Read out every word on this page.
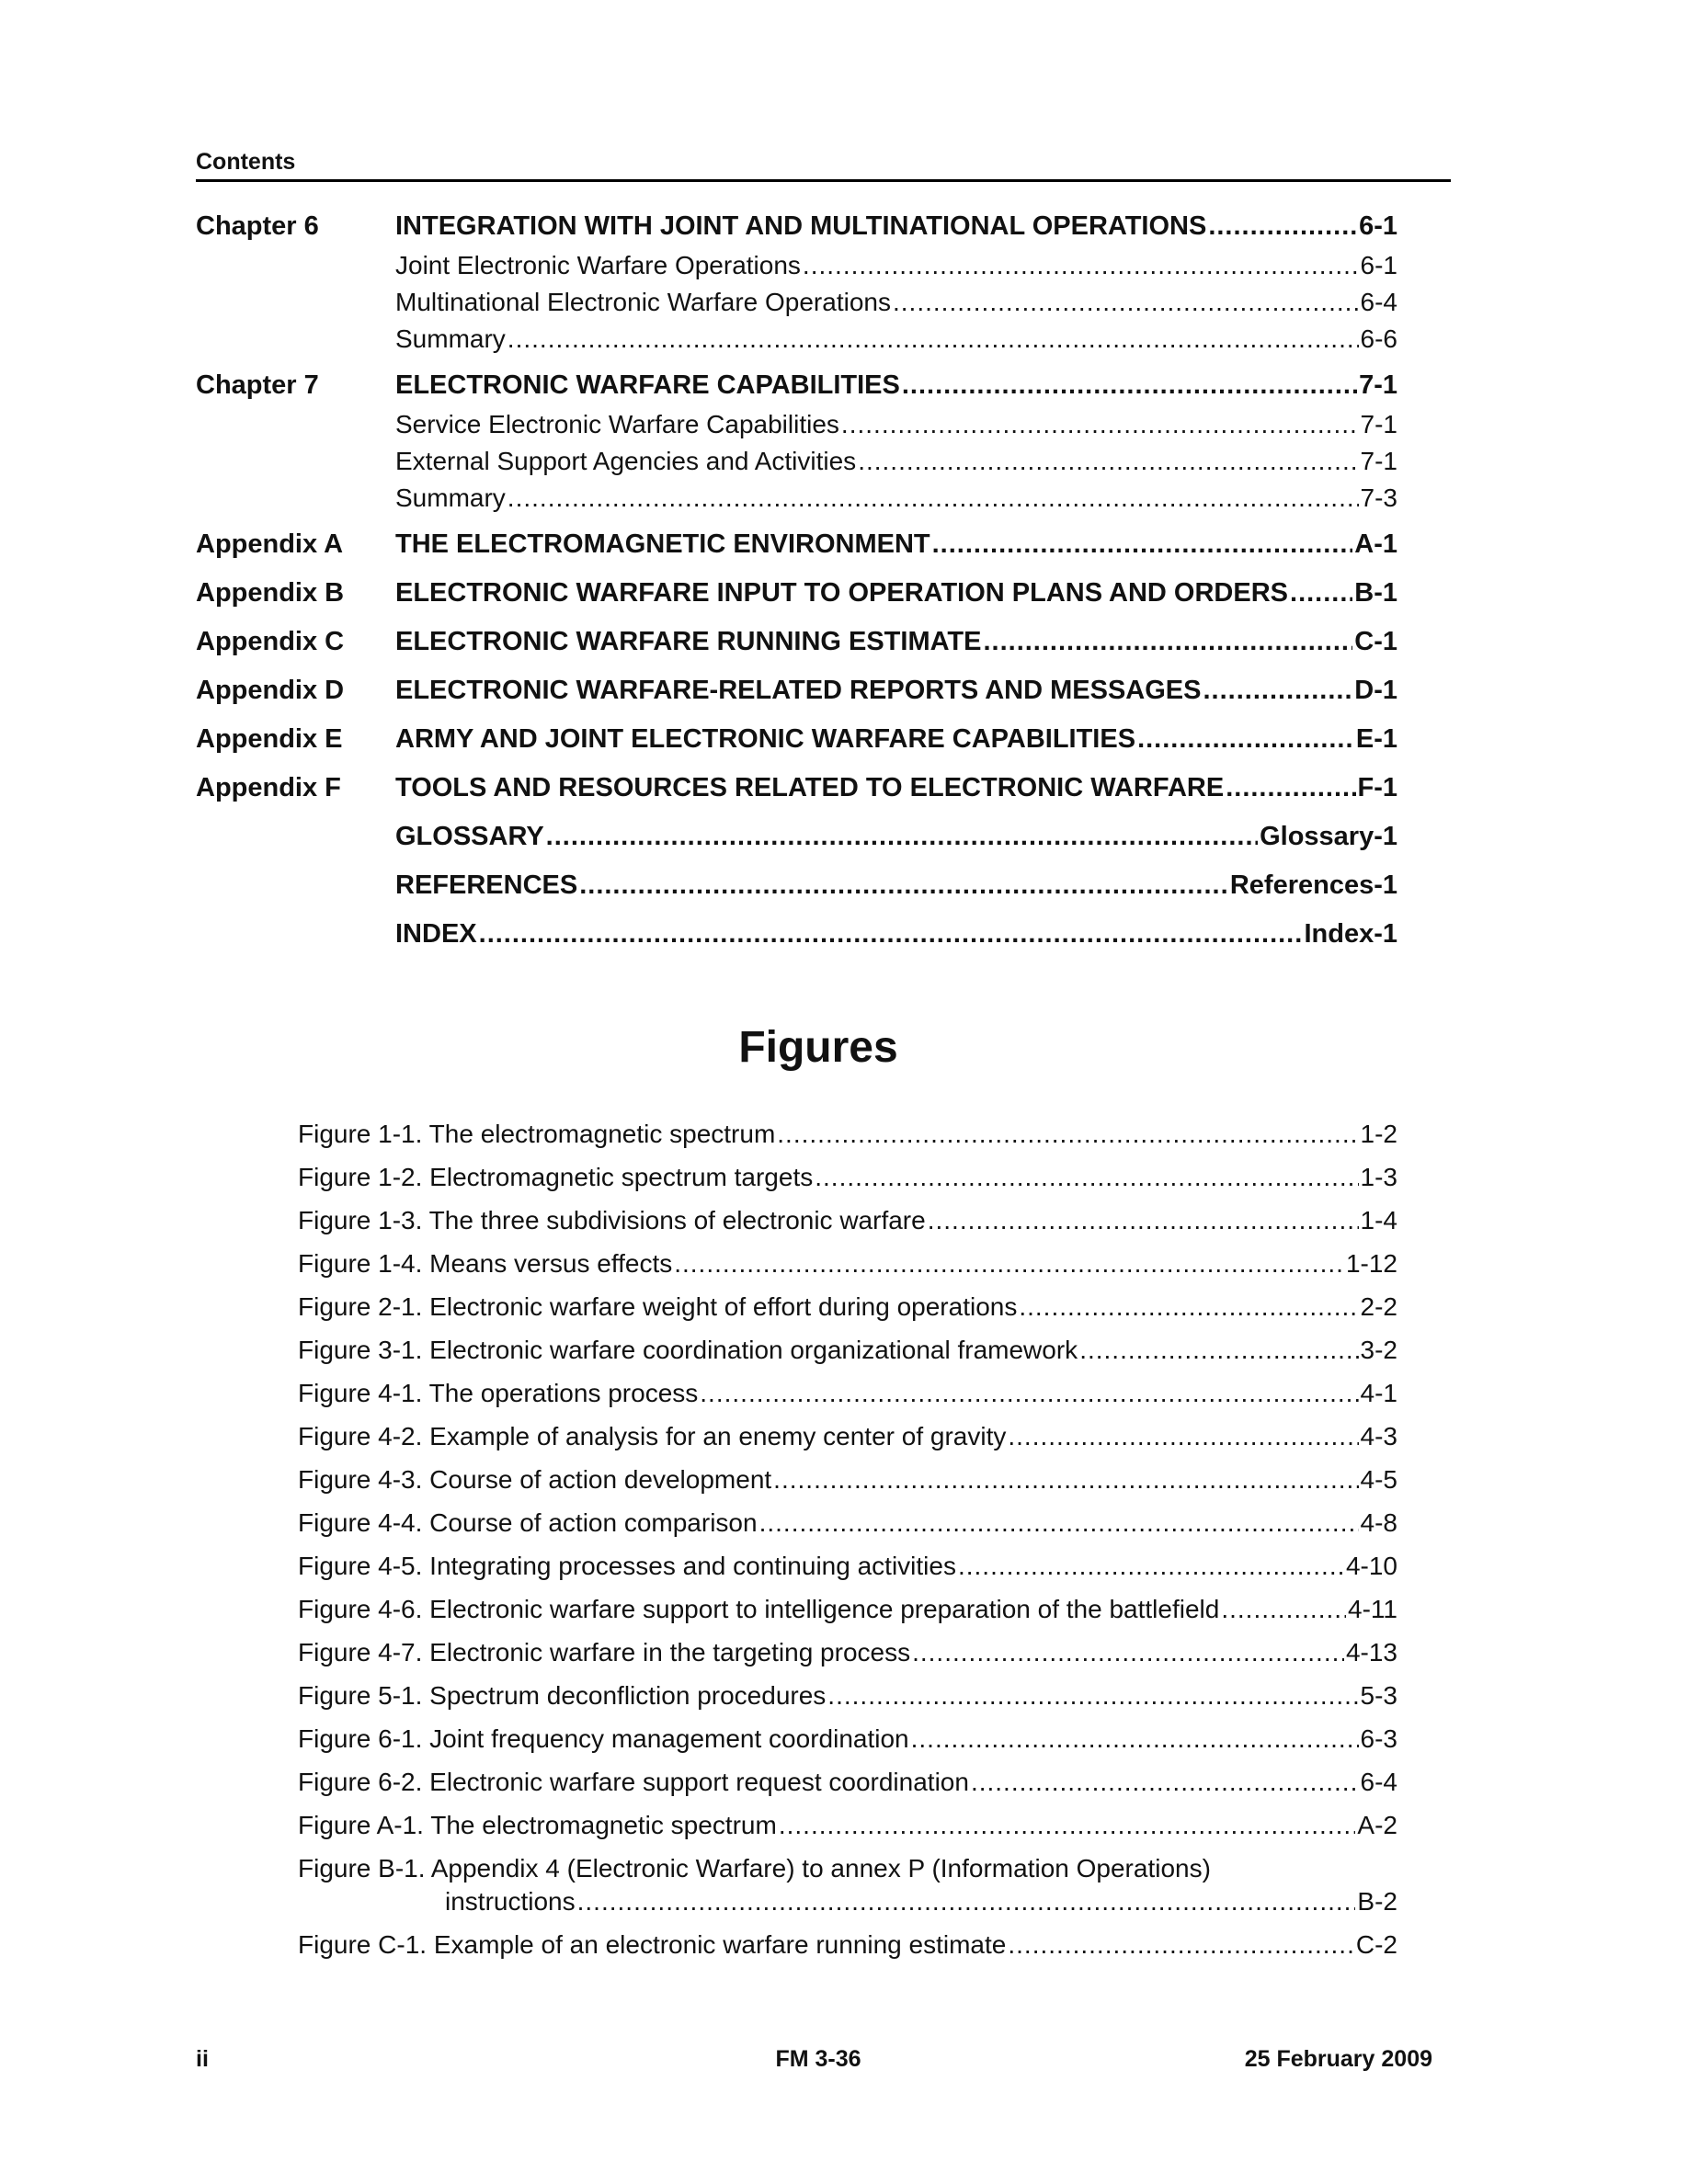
Contents
Chapter 6	INTEGRATION WITH JOINT AND MULTINATIONAL OPERATIONS .....	6-1
Joint Electronic Warfare Operations .....	6-1
Multinational Electronic Warfare Operations .....	6-4
Summary .....	6-6
Chapter 7	ELECTRONIC WARFARE CAPABILITIES .....	7-1
Service Electronic Warfare Capabilities .....	7-1
External Support Agencies and Activities .....	7-1
Summary .....	7-3
Appendix A	THE ELECTROMAGNETIC ENVIRONMENT .....	A-1
Appendix B	ELECTRONIC WARFARE INPUT TO OPERATION PLANS AND ORDERS ..... B-1
Appendix C	ELECTRONIC WARFARE RUNNING ESTIMATE .....	C-1
Appendix D	ELECTRONIC WARFARE-RELATED REPORTS AND MESSAGES .....	D-1
Appendix E	ARMY AND JOINT ELECTRONIC WARFARE CAPABILITIES .....	E-1
Appendix F	TOOLS AND RESOURCES RELATED TO ELECTRONIC WARFARE .....	F-1
GLOSSARY .....	Glossary-1
REFERENCES .....	References-1
INDEX .....	Index-1
Figures
Figure 1-1. The electromagnetic spectrum .....	1-2
Figure 1-2. Electromagnetic spectrum targets .....	1-3
Figure 1-3. The three subdivisions of electronic warfare .....	1-4
Figure 1-4. Means versus effects .....	1-12
Figure 2-1. Electronic warfare weight of effort during operations .....	2-2
Figure 3-1. Electronic warfare coordination organizational framework .....	3-2
Figure 4-1. The operations process .....	4-1
Figure 4-2. Example of analysis for an enemy center of gravity .....	4-3
Figure 4-3. Course of action development .....	4-5
Figure 4-4. Course of action comparison .....	4-8
Figure 4-5. Integrating processes and continuing activities .....	4-10
Figure 4-6. Electronic warfare support to intelligence preparation of the battlefield .....	4-11
Figure 4-7. Electronic warfare in the targeting process .....	4-13
Figure 5-1. Spectrum deconfliction procedures .....	5-3
Figure 6-1. Joint frequency management coordination .....	6-3
Figure 6-2. Electronic warfare support request coordination .....	6-4
Figure A-1. The electromagnetic spectrum .....	A-2
Figure B-1. Appendix 4 (Electronic Warfare) to annex P (Information Operations)
instructions .....	B-2
Figure C-1. Example of an electronic warfare running estimate .....	C-2
ii	FM 3-36	25 February 2009
